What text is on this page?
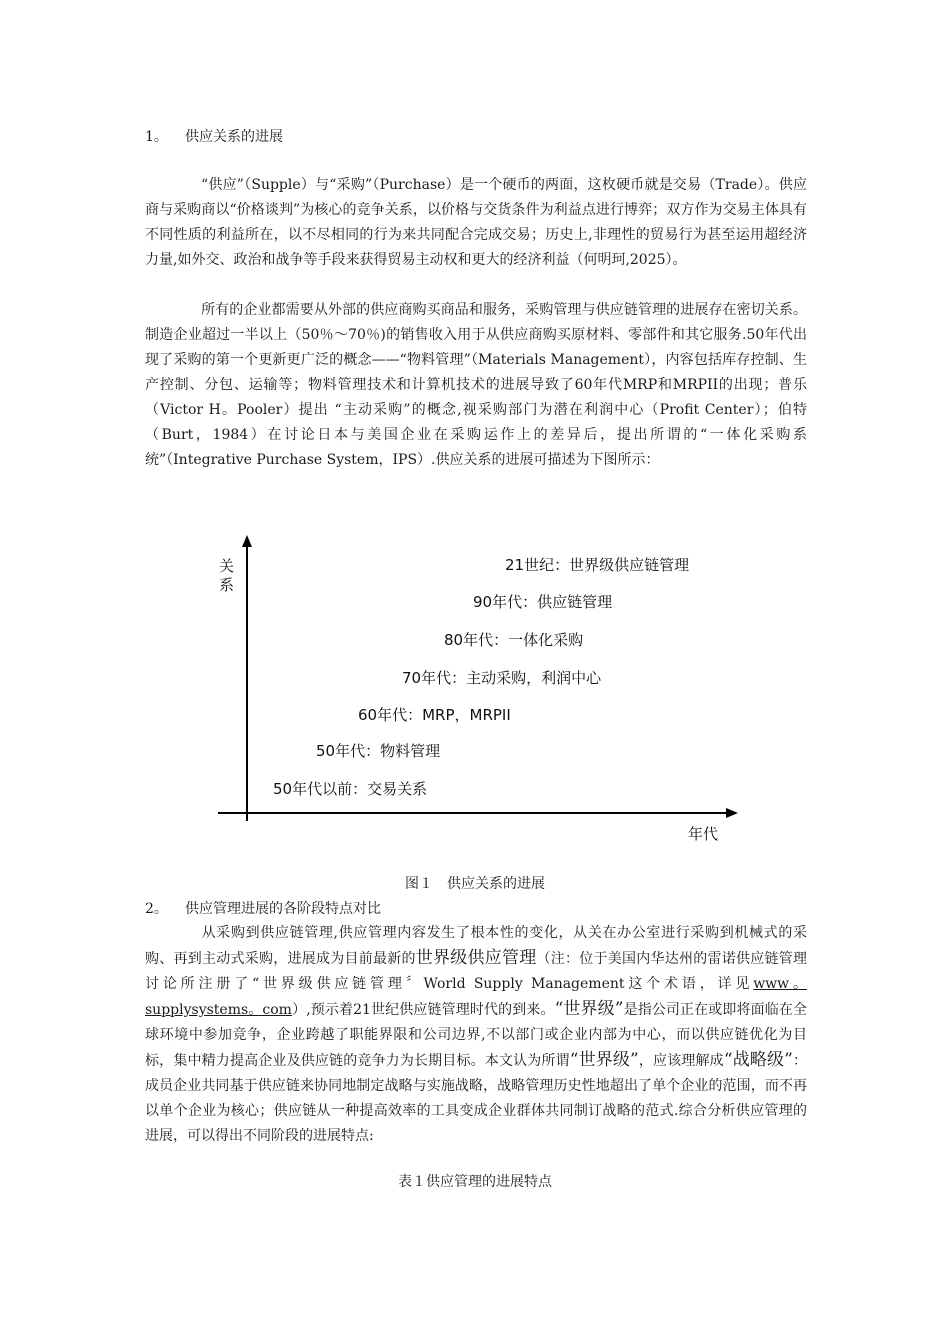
1。 供应关系的进展

“供应”（Supple）与“采购”（Purchase）是一个硬币的两面，这枚硬币就是交易（Trade）。供应商与采购商以“价格谈判”为核心的竞争关系，以价格与交货条件为利益点进行博弈；双方作为交易主体具有不同性质的利益所在，以不尽相同的行为来共同配合完成交易；历史上,非理性的贸易行为甚至运用超经济力量,如外交、政治和战争等手段来获得贸易主动权和更大的经济利益（何明珂,2025）。

所有的企业都需要从外部的供应商购买商品和服务，采购管理与供应链管理的进展存在密切关系。制造企业超过一半以上（50％～70％)的销售收入用于从供应商购买原材料、零部件和其它服务.50年代出现了采购的第一个更新更广泛的概念——“物料管理”（Materials Management），内容包括库存控制、生产控制、分包、运输等；物料管理技术和计算机技术的进展导致了60年代MRP和MRPII的出现；普乐（Victor H。Pooler）提出 “主动采购”的概念,视采购部门为潜在利润中心（Profit Center）；伯特（Burt，1984）在讨论日本与美国企业在采购运作上的差异后，提出所谓的“一体化采购系统”（Integrative Purchase System，IPS）.供应关系的进展可描述为下图所示：

关
系
年代
50年代以前：交易关系
50年代：物料管理
60年代：MRP，MRPII
70年代：主动采购，利润中心
80年代：一体化采购
90年代：供应链管理
21世纪：世界级供应链管理
图１　供应关系的进展
2。 供应管理进展的各阶段特点对比

从采购到供应链管理,供应管理内容发生了根本性的变化，从关在办公室进行采购到机械式的采购、再到主动式采购，进展成为目前最新的世界级供应管理（注：位于美国内华达州的雷诺供应链管理讨论所注册了“世界级供应链管理〞World Supply Management这个术语，详见www。supplysystems。com）,预示着21世纪供应链管理时代的到来。“世界级”是指公司正在或即将面临在全球环境中参加竞争，企业跨越了职能界限和公司边界,不以部门或企业内部为中心，而以供应链优化为目标，集中精力提高企业及供应链的竞争力为长期目标。本文认为所谓“世界级”，应该理解成“战略级”：成员企业共同基于供应链来协同地制定战略与实施战略，战略管理历史性地超出了单个企业的范围，而不再以单个企业为核心；供应链从一种提高效率的工具变成企业群体共同制订战略的范式.综合分析供应管理的进展，可以得出不同阶段的进展特点:

表１供应管理的进展特点
